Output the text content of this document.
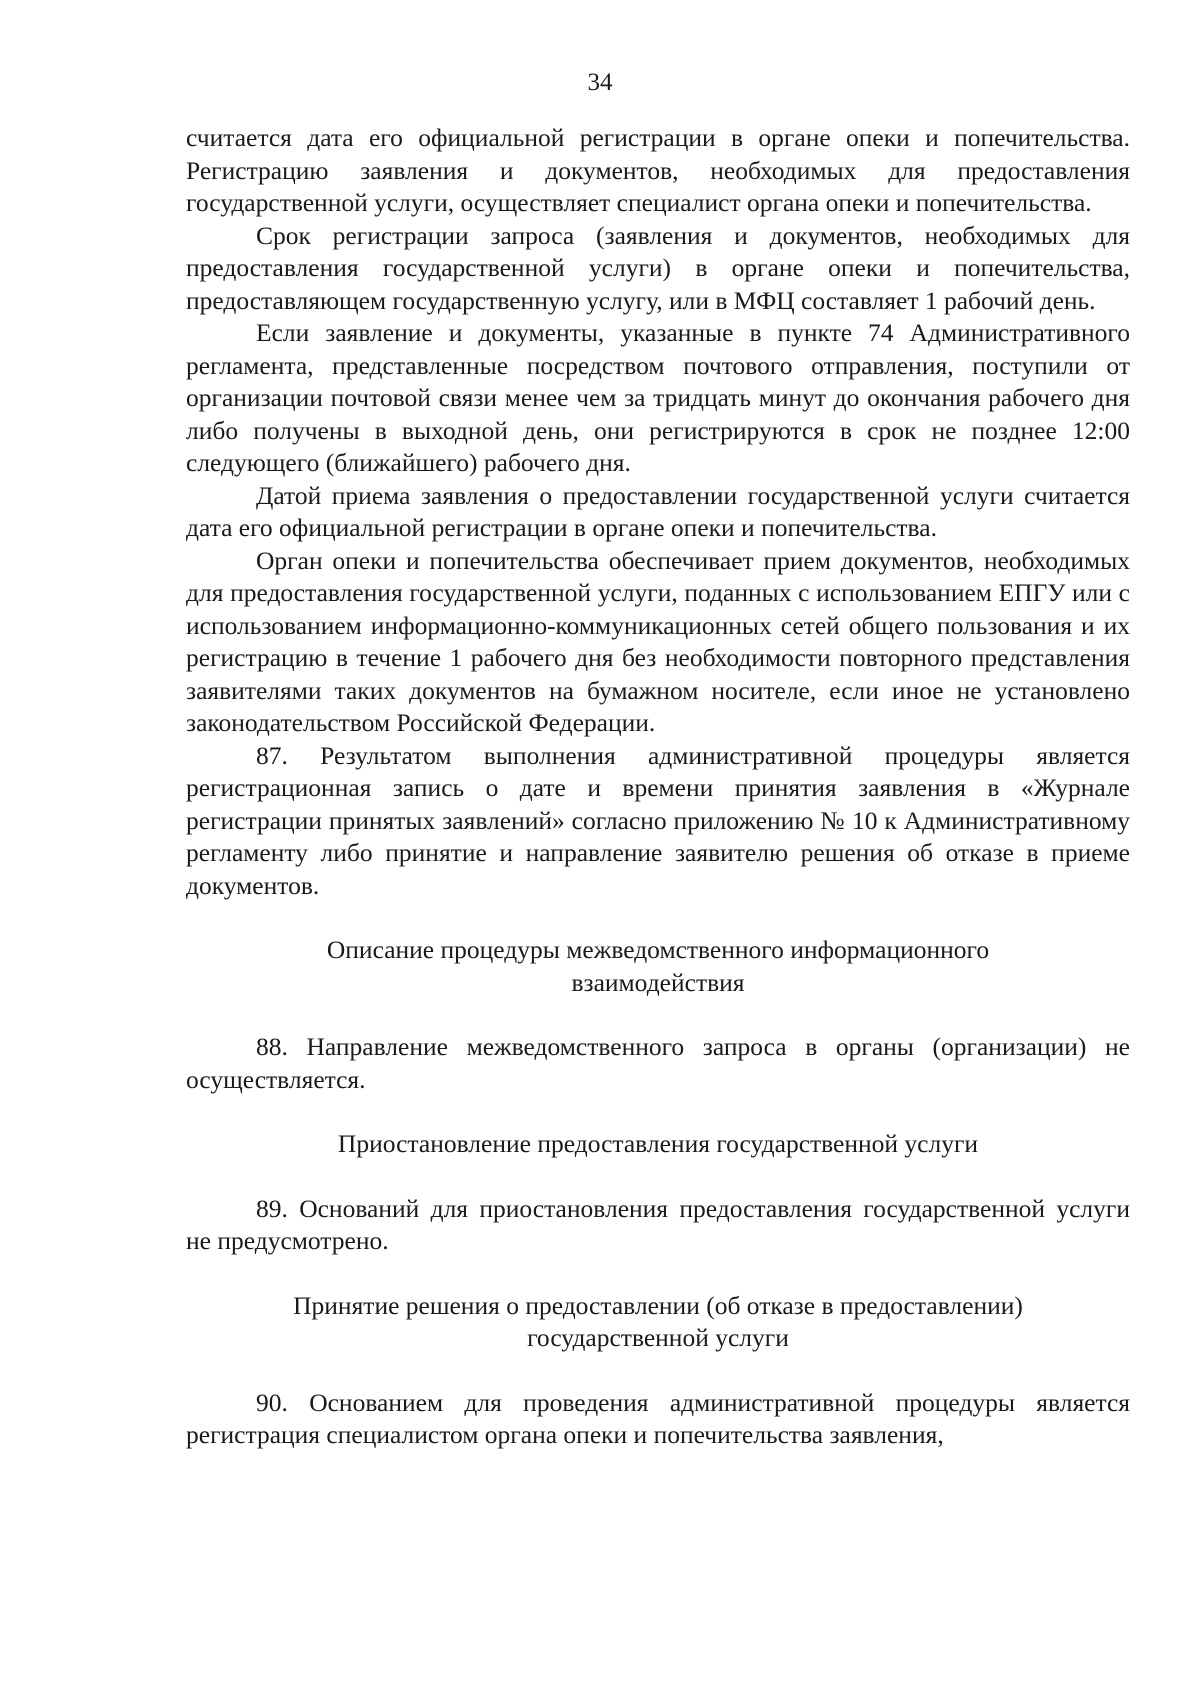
34

считается дата его официальной регистрации в органе опеки и попечительства. Регистрацию заявления и документов, необходимых для предоставления государственной услуги, осуществляет специалист органа опеки и попечительства.

Срок регистрации запроса (заявления и документов, необходимых для предоставления государственной услуги) в органе опеки и попечительства, предоставляющем государственную услугу, или в МФЦ составляет 1 рабочий день.

Если заявление и документы, указанные в пункте 74 Административного регламента, представленные посредством почтового отправления, поступили от организации почтовой связи менее чем за тридцать минут до окончания рабочего дня либо получены в выходной день, они регистрируются в срок не позднее 12:00 следующего (ближайшего) рабочего дня.

Датой приема заявления о предоставлении государственной услуги считается дата его официальной регистрации в органе опеки и попечительства.

Орган опеки и попечительства обеспечивает прием документов, необходимых для предоставления государственной услуги, поданных с использованием ЕПГУ или с использованием информационно-коммуникационных сетей общего пользования и их регистрацию в течение 1 рабочего дня без необходимости повторного представления заявителями таких документов на бумажном носителе, если иное не установлено законодательством Российской Федерации.

87. Результатом выполнения административной процедуры является регистрационная запись о дате и времени принятия заявления в «Журнале регистрации принятых заявлений» согласно приложению № 10 к Административному регламенту либо принятие и направление заявителю решения об отказе в приеме документов.

Описание процедуры межведомственного информационного взаимодействия

88. Направление межведомственного запроса в органы (организации) не осуществляется.

Приостановление предоставления государственной услуги

89. Оснований для приостановления предоставления государственной услуги не предусмотрено.

Принятие решения о предоставлении (об отказе в предоставлении) государственной услуги

90. Основанием для проведения административной процедуры является регистрация специалистом органа опеки и попечительства заявления,
